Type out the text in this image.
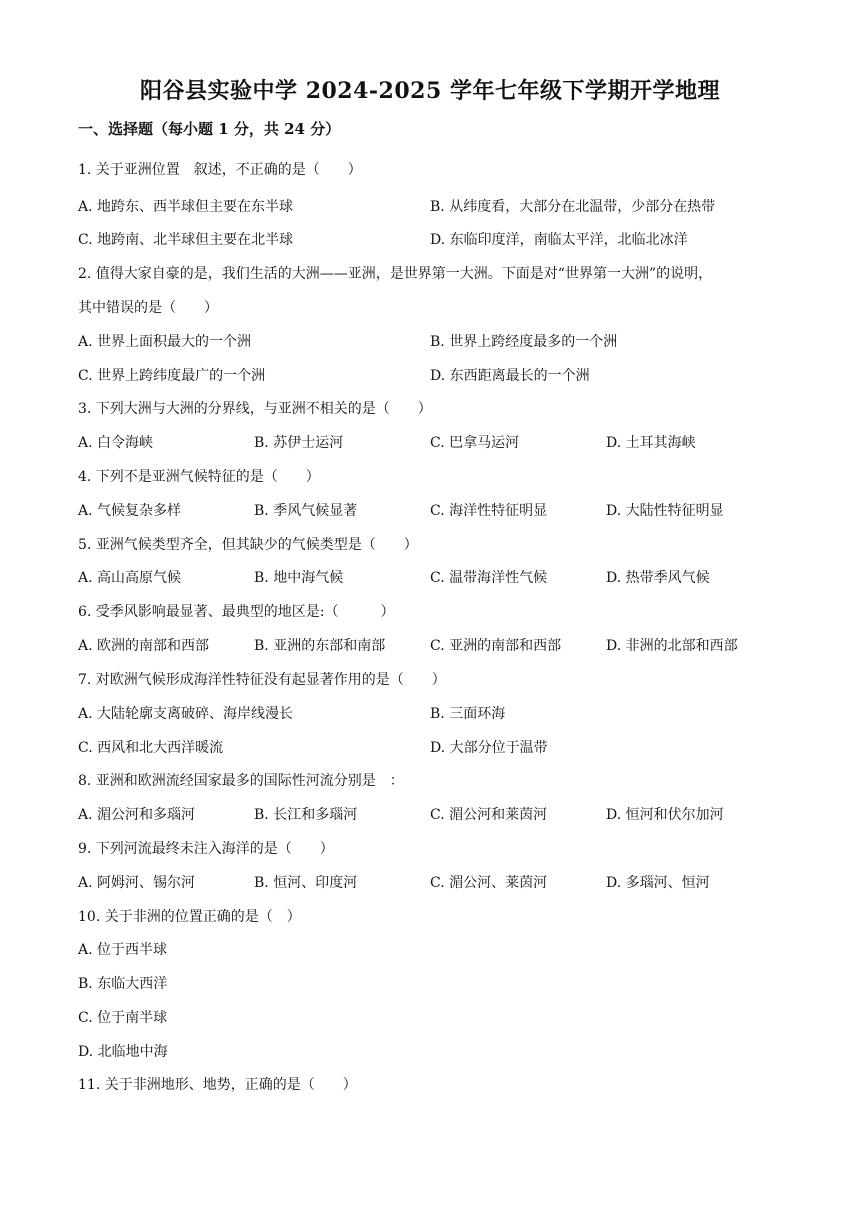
阳谷县实验中学 2024-2025 学年七年级下学期开学地理
一、选择题（每小题 1 分，共 24 分）
1. 关于亚洲位置　叙述，不正确的是（　　）
A. 地跨东、西半球但主要在东半球	B. 从纬度看，大部分在北温带，少部分在热带
C. 地跨南、北半球但主要在北半球	D. 东临印度洋，南临太平洋，北临北冰洋
2. 值得大家自豪的是，我们生活的大洲——亚洲，是世界第一大洲。下面是对“世界第一大洲”的说明，
其中错误的是（　　）
A. 世界上面积最大的一个洲	B. 世界上跨经度最多的一个洲
C. 世界上跨纬度最广的一个洲	D. 东西距离最长的一个洲
3. 下列大洲与大洲的分界线，与亚洲不相关的是（　　）
A. 白令海峡	B. 苏伊士运河	C. 巴拿马运河	D. 土耳其海峡
4. 下列不是亚洲气候特征的是（　　）
A. 气候复杂多样	B. 季风气候显著	C. 海洋性特征明显	D. 大陆性特征明显
5. 亚洲气候类型齐全，但其缺少的气候类型是（　　）
A. 高山高原气候	B. 地中海气候	C. 温带海洋性气候	D. 热带季风气候
6. 受季风影响最显著、最典型的地区是:（　　　）
A. 欧洲的南部和西部	B. 亚洲的东部和南部	C. 亚洲的南部和西部	D. 非洲的北部和西部
7. 对欧洲气候形成海洋性特征没有起显著作用的是（　　）
A. 大陆轮廓支离破碎、海岸线漫长	B. 三面环海
C. 西风和北大西洋暖流	D. 大部分位于温带
8. 亚洲和欧洲流经国家最多的国际性河流分别是　：
A. 湄公河和多瑙河	B. 长江和多瑙河	C. 湄公河和莱茵河	D. 恒河和伏尔加河
9. 下列河流最终未注入海洋的是（　　）
A. 阿姆河、锡尔河	B. 恒河、印度河	C. 湄公河、莱茵河	D. 多瑙河、恒河
10. 关于非洲的位置正确的是（　）
A. 位于西半球
B. 东临大西洋
C. 位于南半球
D. 北临地中海
11. 关于非洲地形、地势，正确的是（　　）
